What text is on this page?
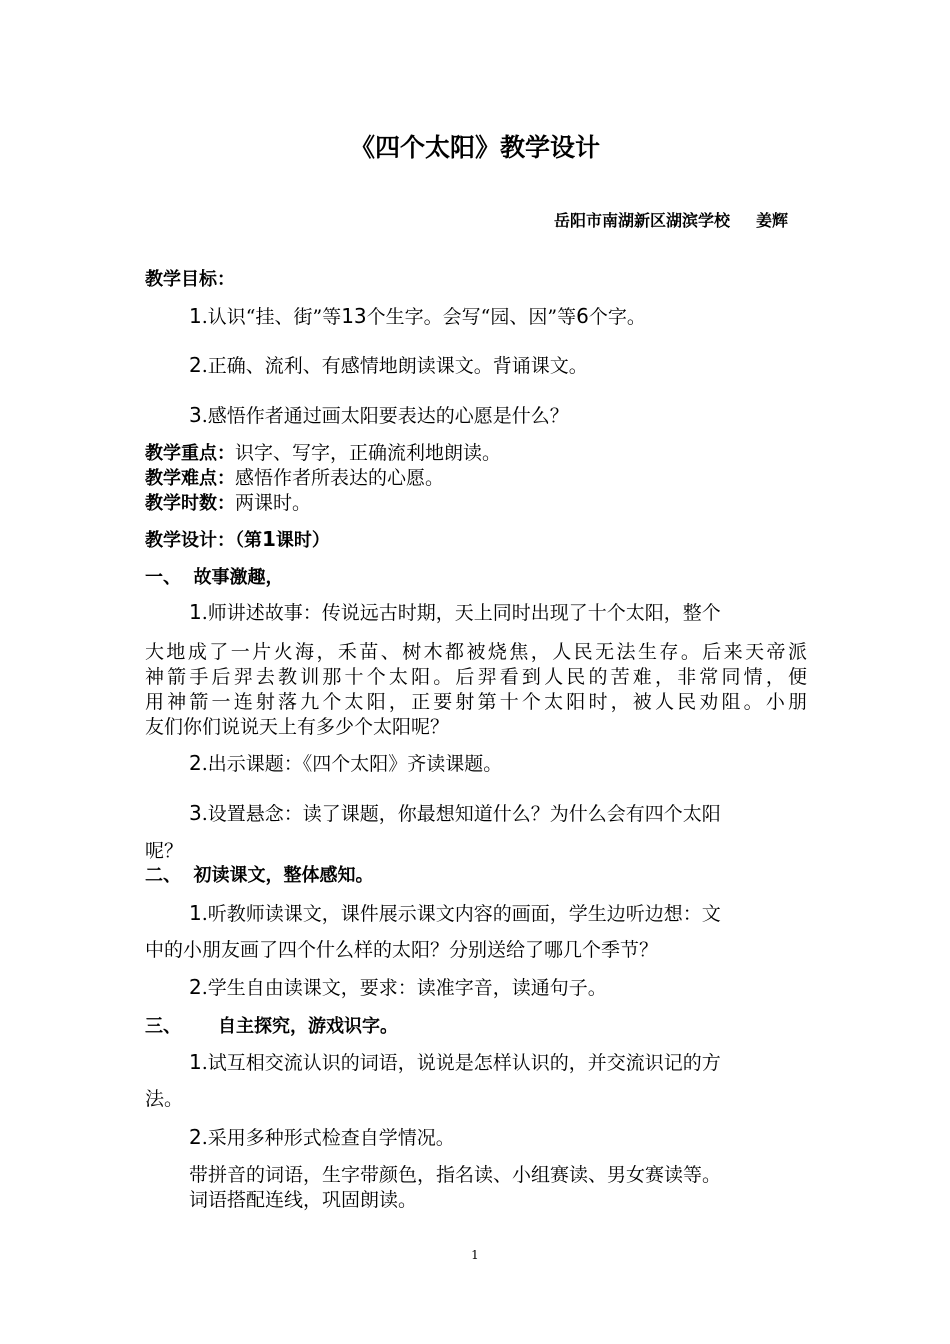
《四个太阳》教学设计
岳阳市南湖新区湖滨学校 姜辉
教学目标：
1.认识“挂、街”等13个生字。会写“园、因”等6个字。
2.正确、流利、有感情地朗读课文。背诵课文。
3.感悟作者通过画太阳要表达的心愿是什么？
教学重点：识字、写字，正确流利地朗读。
教学难点：感悟作者所表达的心愿。
教学时数：两课时。
教学设计：（第1课时）
一、  故事激趣，
1.师讲述故事：传说远古时期，天上同时出现了十个太阳，整个
大地成了一片火海，禾苗、树木都被烧焦，人民无法生存。后来天帝派
神箭手后羿去教训那十个太阳。后羿看到人民的苦难，非常同情，便
用神箭一连射落九个太阳，正要射第十个太阳时，被人民劝阻。小朋
友们你们说说天上有多少个太阳呢？
2.出示课题：《四个太阳》齐读课题。
3.设置悬念：读了课题，你最想知道什么？为什么会有四个太阳
呢？
二、  初读课文，整体感知。
1.听教师读课文，课件展示课文内容的画面，学生边听边想：文
中的小朋友画了四个什么样的太阳？分别送给了哪几个季节？
2.学生自由读课文，要求：读准字音，读通句子。
三、 自主探究，游戏识字。
1.试互相交流认识的词语，说说是怎样认识的，并交流识记的方
法。
2.采用多种形式检查自学情况。
带拼音的词语，生字带颜色，指名读、小组赛读、男女赛读等。
词语搭配连线，巩固朗读。
1
